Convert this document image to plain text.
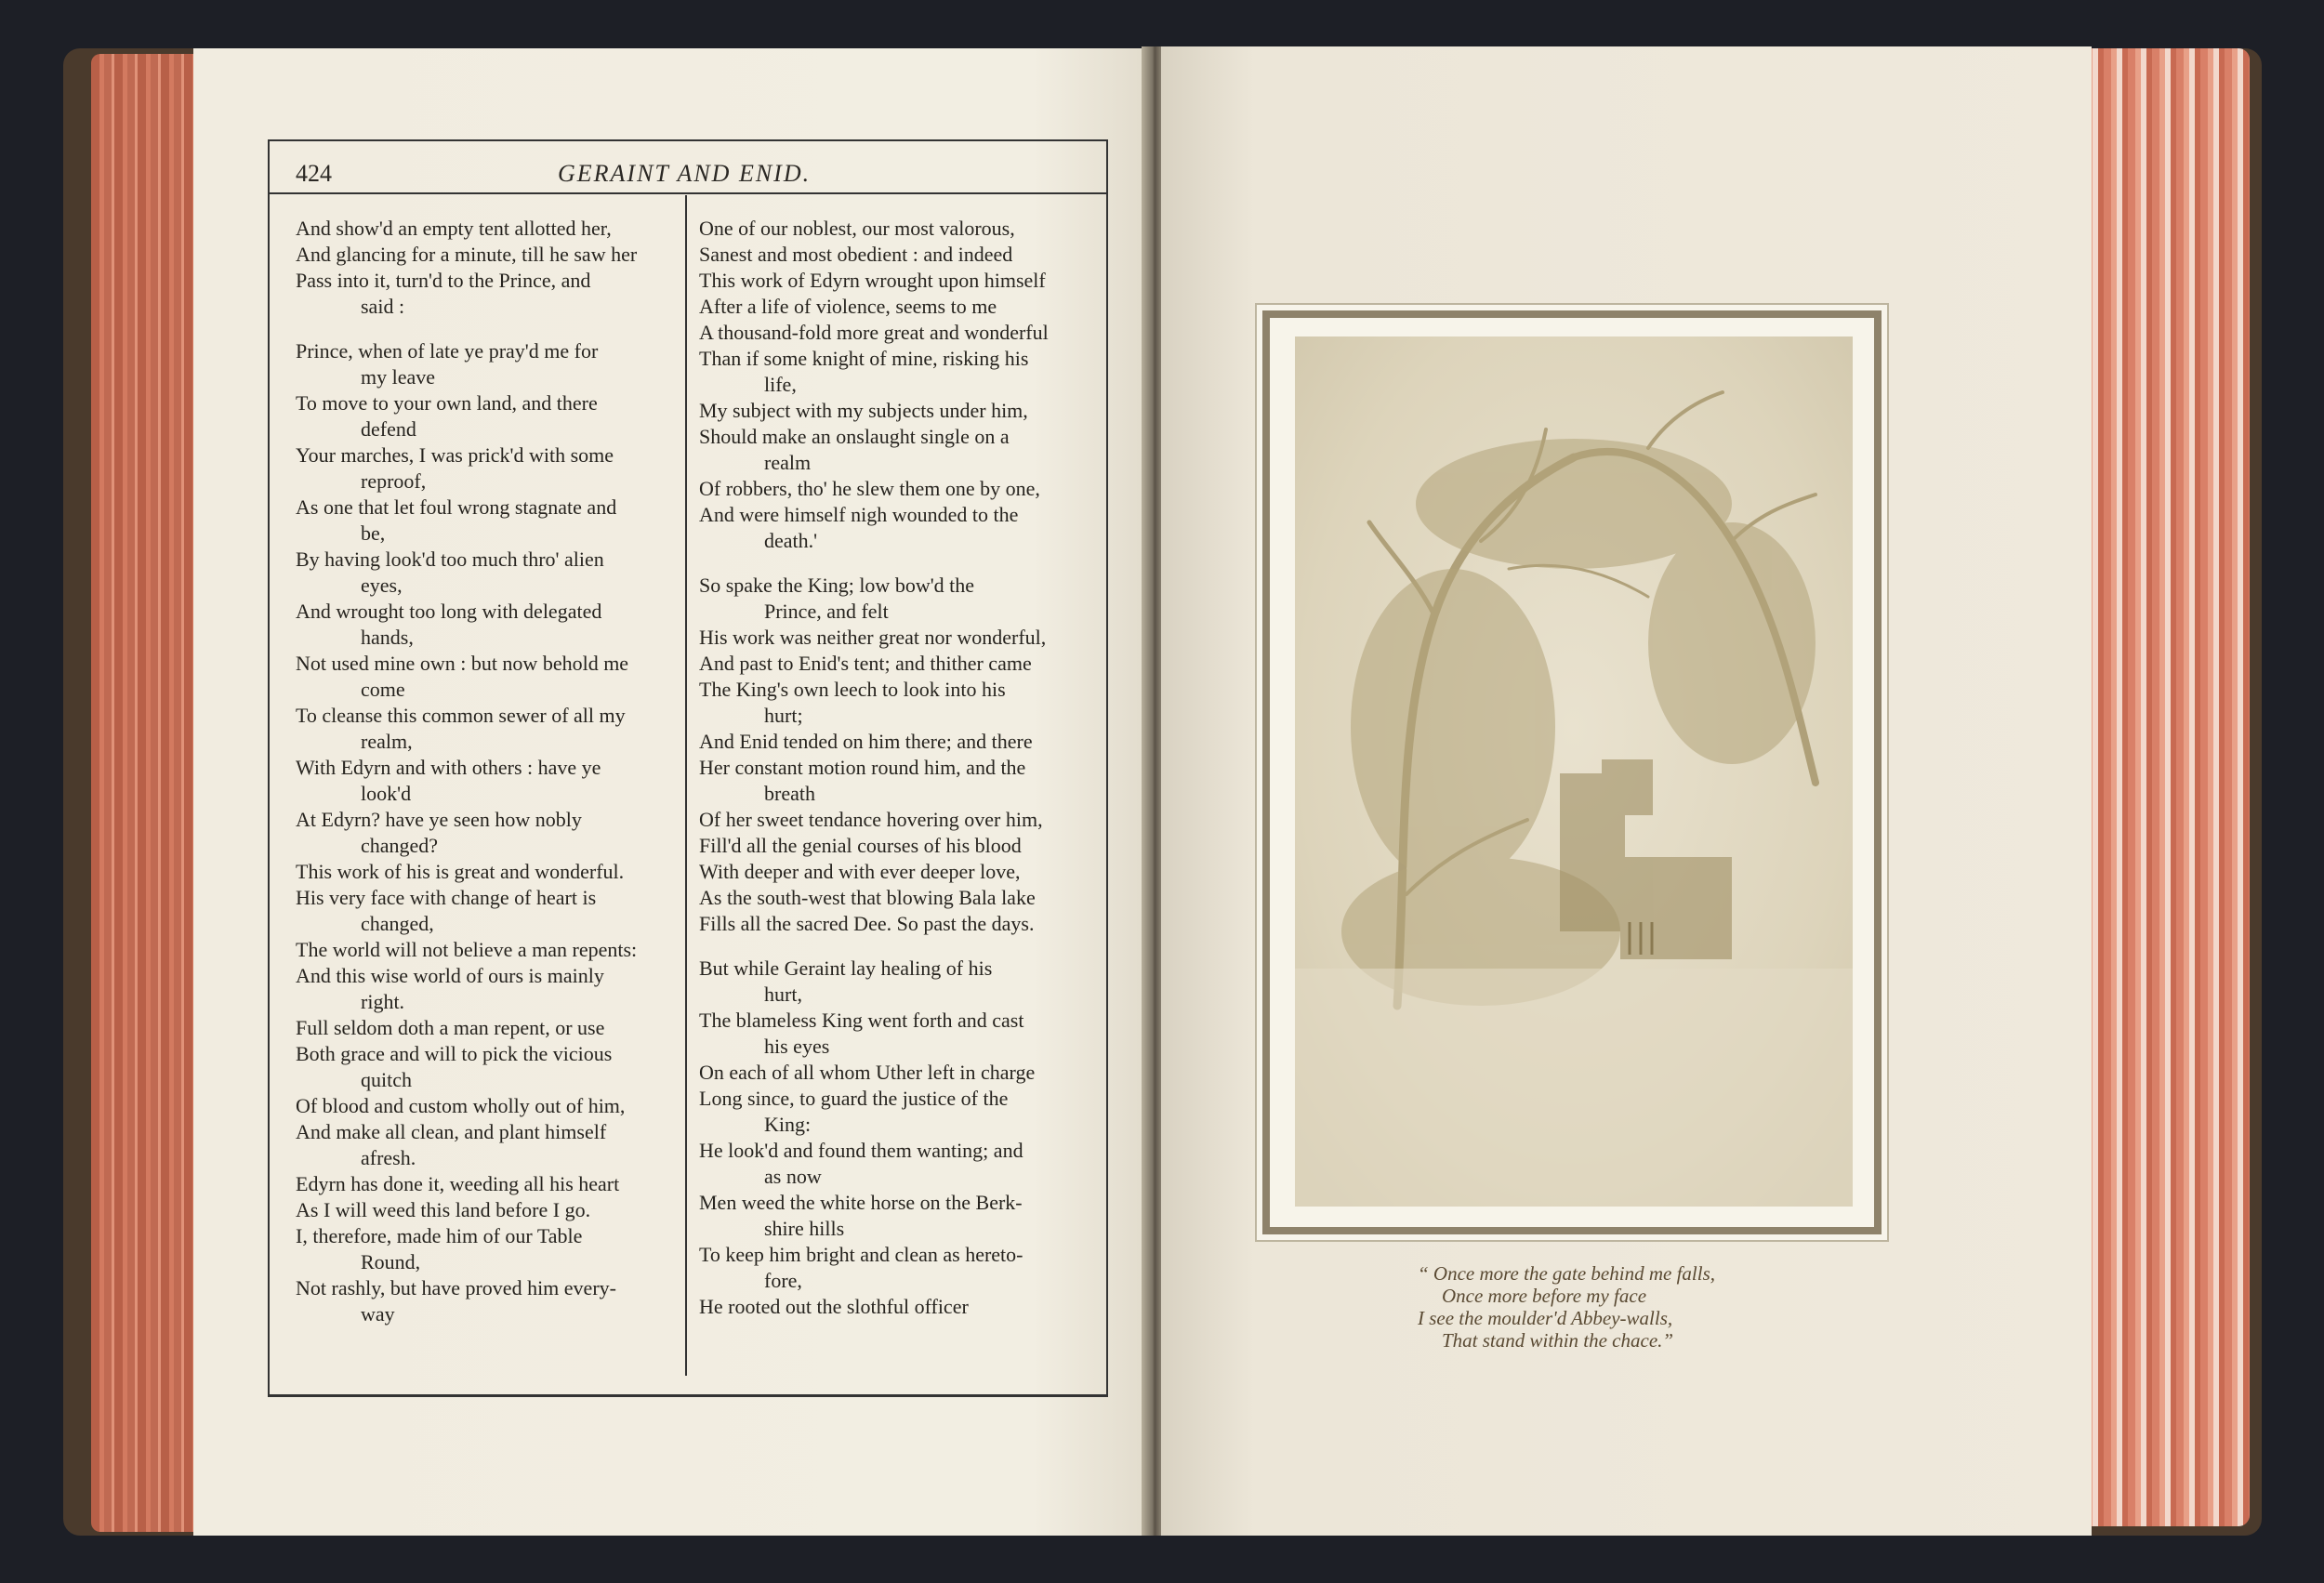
424	GERAINT AND ENID.

And show'd an empty tent allotted her,

And glancing for a minute, till he saw her

Pass into it, turn'd to the Prince, and

said :

Prince, when of late ye pray'd me for

my leave

To move to your own land, and there

defend

Your marches, I was prick'd with some

reproof,

As one that let foul wrong stagnate and

be,

By having look'd too much thro' alien

eyes,

And wrought too long with delegated

hands,

Not used mine own : but now behold me

come

To cleanse this common sewer of all my

realm,

With Edyrn and with others : have ye

look'd

At Edyrn? have ye seen how nobly

changed?

This work of his is great and wonderful.

His very face with change of heart is

changed,

The world will not believe a man repents:

And this wise world of ours is mainly

right.

Full seldom doth a man repent, or use

Both grace and will to pick the vicious

quitch

Of blood and custom wholly out of him,

And make all clean, and plant himself

afresh.

Edyrn has done it, weeding all his heart

As I will weed this land before I go.

I, therefore, made him of our Table

Round,

Not rashly, but have proved him every-

way

One of our noblest, our most valorous,

Sanest and most obedient : and indeed

This work of Edyrn wrought upon himself

After a life of violence, seems to me

A thousand-fold more great and wonderful

Than if some knight of mine, risking his

life,

My subject with my subjects under him,

Should make an onslaught single on a

realm

Of robbers, tho' he slew them one by one,

And were himself nigh wounded to the

death.'

So spake the King; low bow'd the

Prince, and felt

His work was neither great nor wonderful,

And past to Enid's tent; and thither came

The King's own leech to look into his

hurt;

And Enid tended on him there; and there

Her constant motion round him, and the

breath

Of her sweet tendance hovering over him,

Fill'd all the genial courses of his blood

With deeper and with ever deeper love,

As the south-west that blowing Bala lake

Fills all the sacred Dee. So past the days.

But while Geraint lay healing of his

hurt,

The blameless King went forth and cast

his eyes

On each of all whom Uther left in charge

Long since, to guard the justice of the

King:

He look'd and found them wanting; and

as now

Men weed the white horse on the Berk-

shire hills

To keep him bright and clean as hereto-

fore,

He rooted out the slothful officer

“ Once more the gate behind me falls,
Once more before my face
I see the moulder'd Abbey-walls,
That stand within the chace.”
